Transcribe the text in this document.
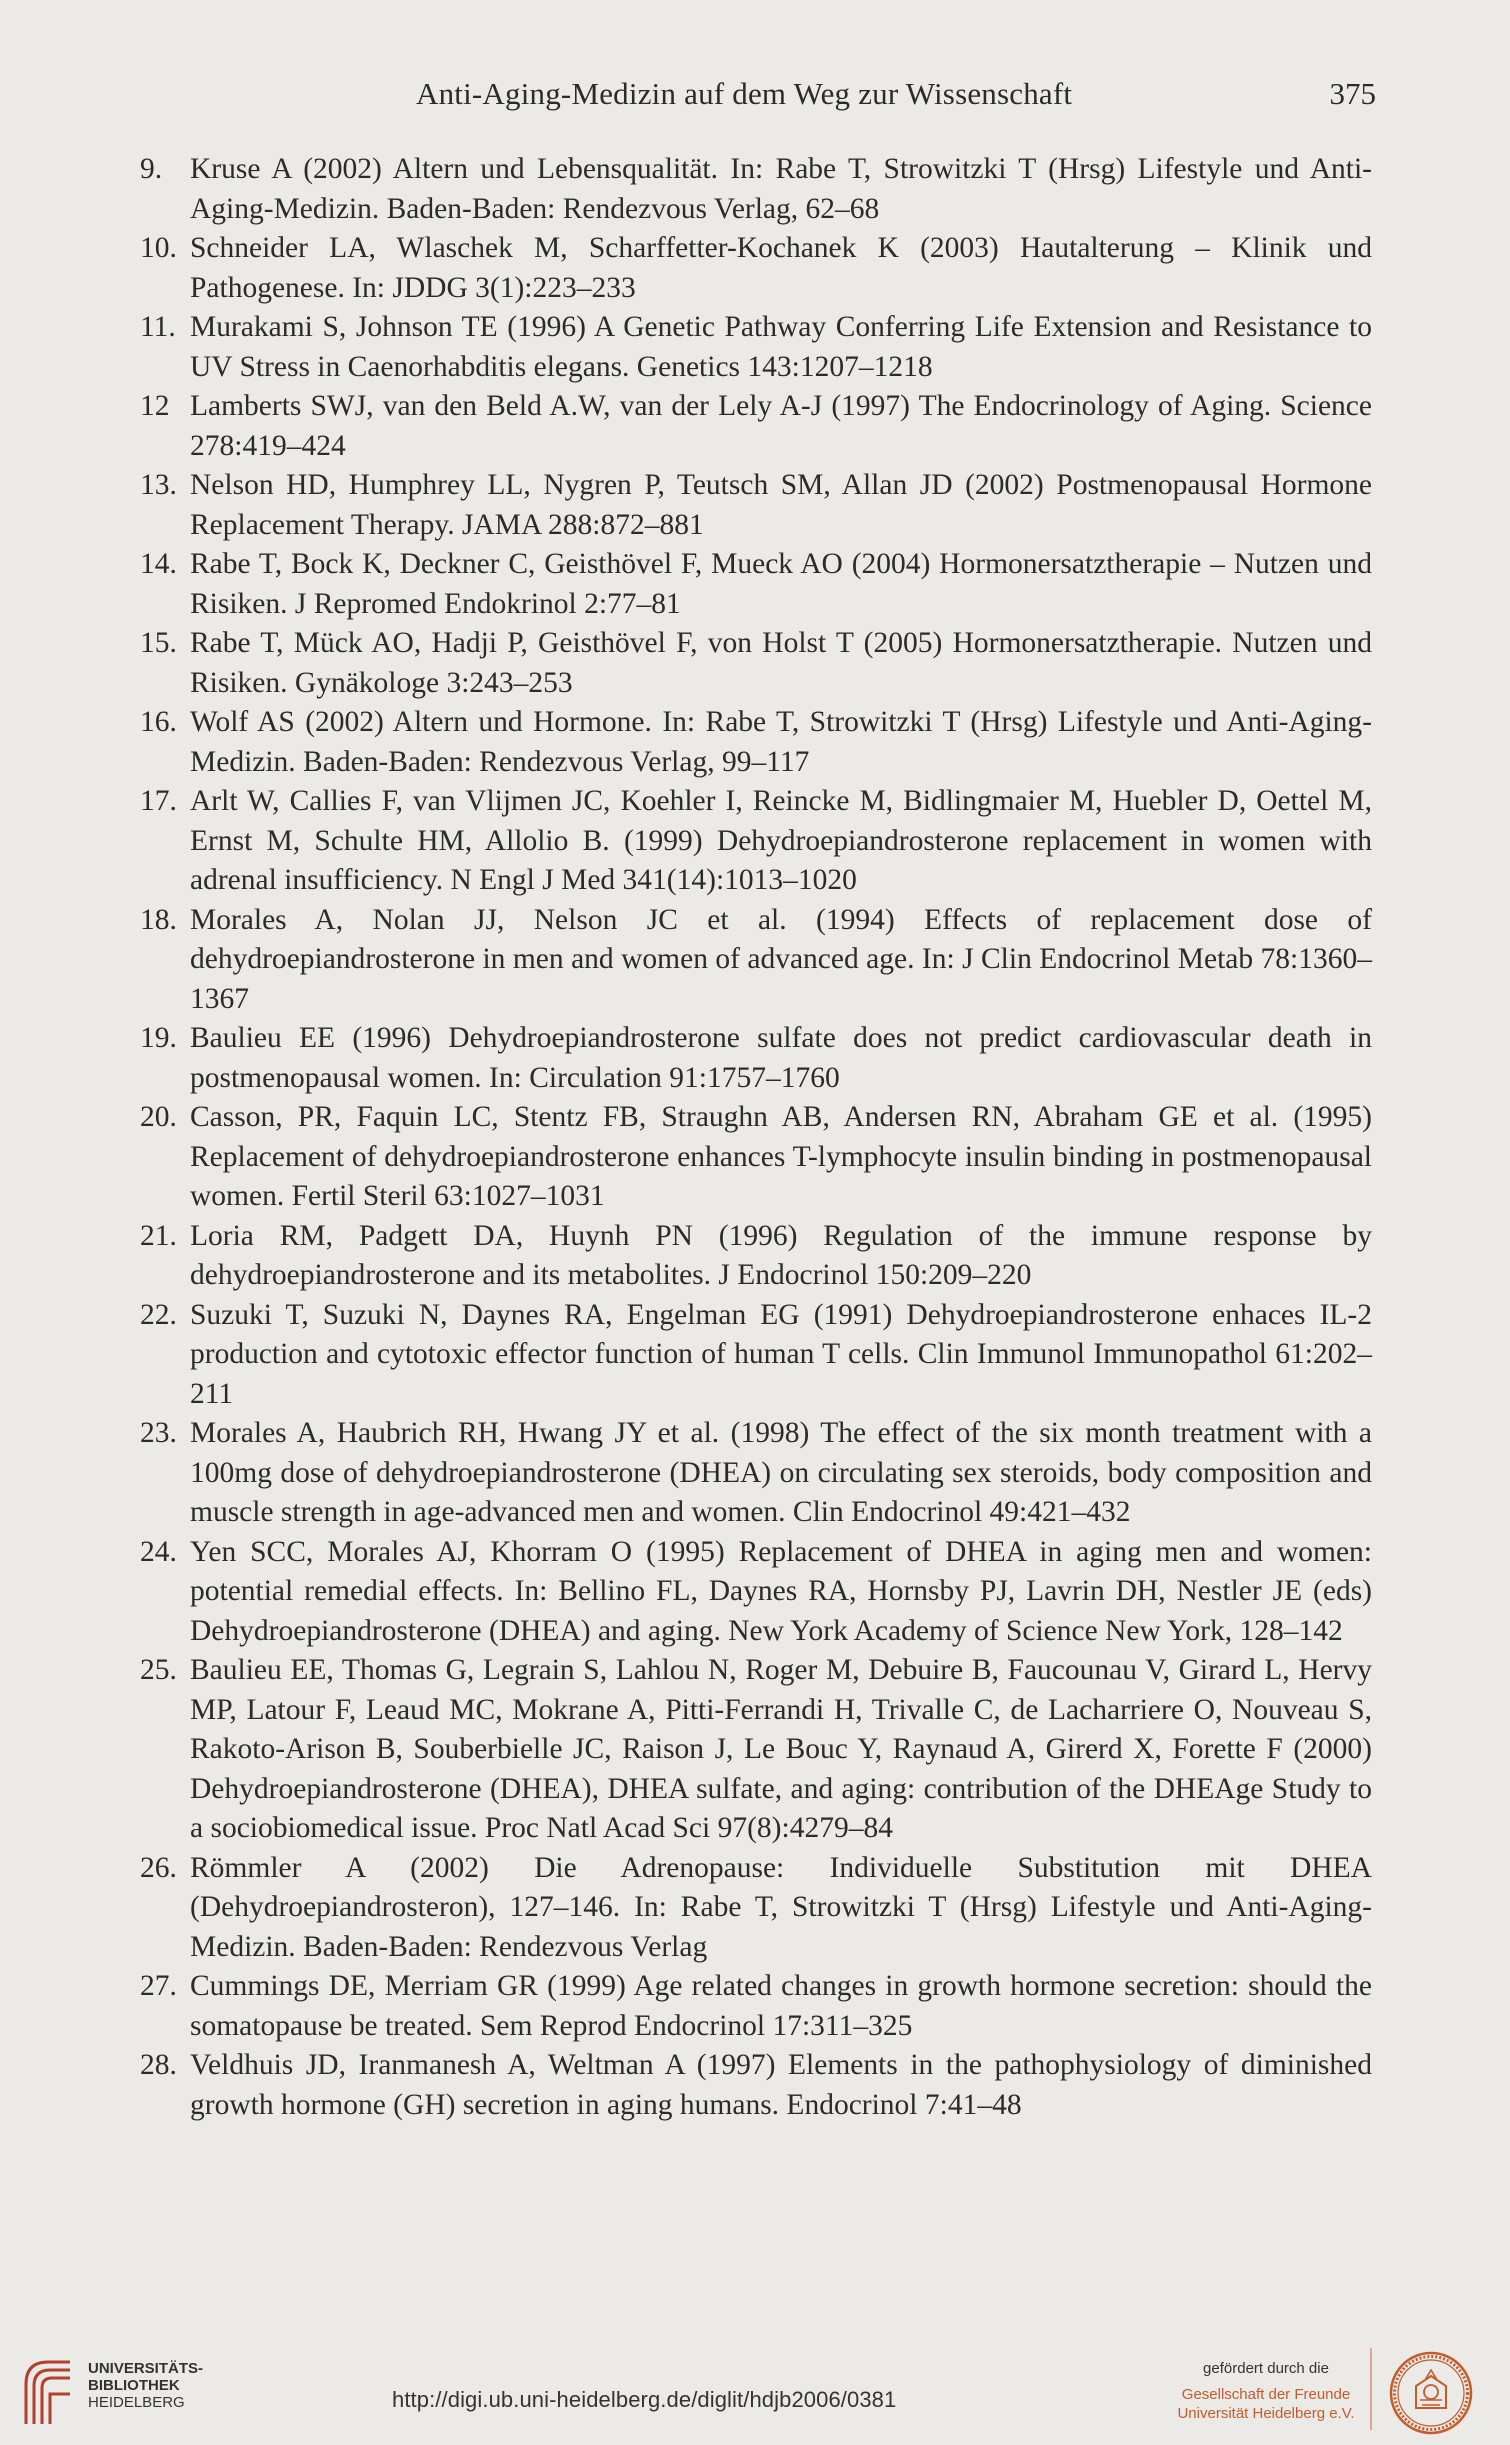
Anti-Aging-Medizin auf dem Weg zur Wissenschaft	375
9. Kruse A (2002) Altern und Lebensqualität. In: Rabe T, Strowitzki T (Hrsg) Lifestyle und Anti-Aging-Medizin. Baden-Baden: Rendezvous Verlag, 62–68
10. Schneider LA, Wlaschek M, Scharffetter-Kochanek K (2003) Hautalterung – Klinik und Pathogenese. In: JDDG 3(1):223–233
11. Murakami S, Johnson TE (1996) A Genetic Pathway Conferring Life Extension and Resistance to UV Stress in Caenorhabditis elegans. Genetics 143:1207–1218
12 Lamberts SWJ, van den Beld A.W, van der Lely A-J (1997) The Endocrinology of Aging. Science 278:419–424
13. Nelson HD, Humphrey LL, Nygren P, Teutsch SM, Allan JD (2002) Postmenopausal Hormone Replacement Therapy. JAMA 288:872–881
14. Rabe T, Bock K, Deckner C, Geisthövel F, Mueck AO (2004) Hormonersatztherapie – Nutzen und Risiken. J Repromed Endokrinol 2:77–81
15. Rabe T, Mück AO, Hadji P, Geisthövel F, von Holst T (2005) Hormonersatztherapie. Nutzen und Risiken. Gynäkologe 3:243–253
16. Wolf AS (2002) Altern und Hormone. In: Rabe T, Strowitzki T (Hrsg) Lifestyle und Anti-Aging-Medizin. Baden-Baden: Rendezvous Verlag, 99–117
17. Arlt W, Callies F, van Vlijmen JC, Koehler I, Reincke M, Bidlingmaier M, Huebler D, Oettel M, Ernst M, Schulte HM, Allolio B. (1999) Dehydroepiandrosterone replacement in women with adrenal insufficiency. N Engl J Med 341(14):1013–1020
18. Morales A, Nolan JJ, Nelson JC et al. (1994) Effects of replacement dose of dehydroepiandrosterone in men and women of advanced age. In: J Clin Endocrinol Metab 78:1360–1367
19. Baulieu EE (1996) Dehydroepiandrosterone sulfate does not predict cardiovascular death in postmenopausal women. In: Circulation 91:1757–1760
20. Casson, PR, Faquin LC, Stentz FB, Straughn AB, Andersen RN, Abraham GE et al. (1995) Replacement of dehydroepiandrosterone enhances T-lymphocyte insulin binding in postmenopausal women. Fertil Steril 63:1027–1031
21. Loria RM, Padgett DA, Huynh PN (1996) Regulation of the immune response by dehydroepiandrosterone and its metabolites. J Endocrinol 150:209–220
22. Suzuki T, Suzuki N, Daynes RA, Engelman EG (1991) Dehydroepiandrosterone enhaces IL-2 production and cytotoxic effector function of human T cells. Clin Immunol Immunopathol 61:202–211
23. Morales A, Haubrich RH, Hwang JY et al. (1998) The effect of the six month treatment with a 100mg dose of dehydroepiandrosterone (DHEA) on circulating sex steroids, body composition and muscle strength in age-advanced men and women. Clin Endocrinol 49:421–432
24. Yen SCC, Morales AJ, Khorram O (1995) Replacement of DHEA in aging men and women: potential remedial effects. In: Bellino FL, Daynes RA, Hornsby PJ, Lavrin DH, Nestler JE (eds) Dehydroepiandrosterone (DHEA) and aging. New York Academy of Science New York, 128–142
25. Baulieu EE, Thomas G, Legrain S, Lahlou N, Roger M, Debuire B, Faucounau V, Girard L, Hervy MP, Latour F, Leaud MC, Mokrane A, Pitti-Ferrandi H, Trivalle C, de Lacharriere O, Nouveau S, Rakoto-Arison B, Souberbielle JC, Raison J, Le Bouc Y, Raynaud A, Girerd X, Forette F (2000) Dehydroepiandrosterone (DHEA), DHEA sulfate, and aging: contribution of the DHEAge Study to a sociobiomedical issue. Proc Natl Acad Sci 97(8):4279–84
26. Römmler A (2002) Die Adrenopause: Individuelle Substitution mit DHEA (Dehydroepiandrosteron), 127–146. In: Rabe T, Strowitzki T (Hrsg) Lifestyle und Anti-Aging-Medizin. Baden-Baden: Rendezvous Verlag
27. Cummings DE, Merriam GR (1999) Age related changes in growth hormone secretion: should the somatopause be treated. Sem Reprod Endocrinol 17:311–325
28. Veldhuis JD, Iranmanesh A, Weltman A (1997) Elements in the pathophysiology of diminished growth hormone (GH) secretion in aging humans. Endocrinol 7:41–48
UNIVERSITÄTS-
BIBLIOTHEK
HEIDELBERG	http://digi.ub.uni-heidelberg.de/diglit/hdjb2006/0381
gefördert durch die
Gesellschaft der Freunde
Universität Heidelberg e.V.
